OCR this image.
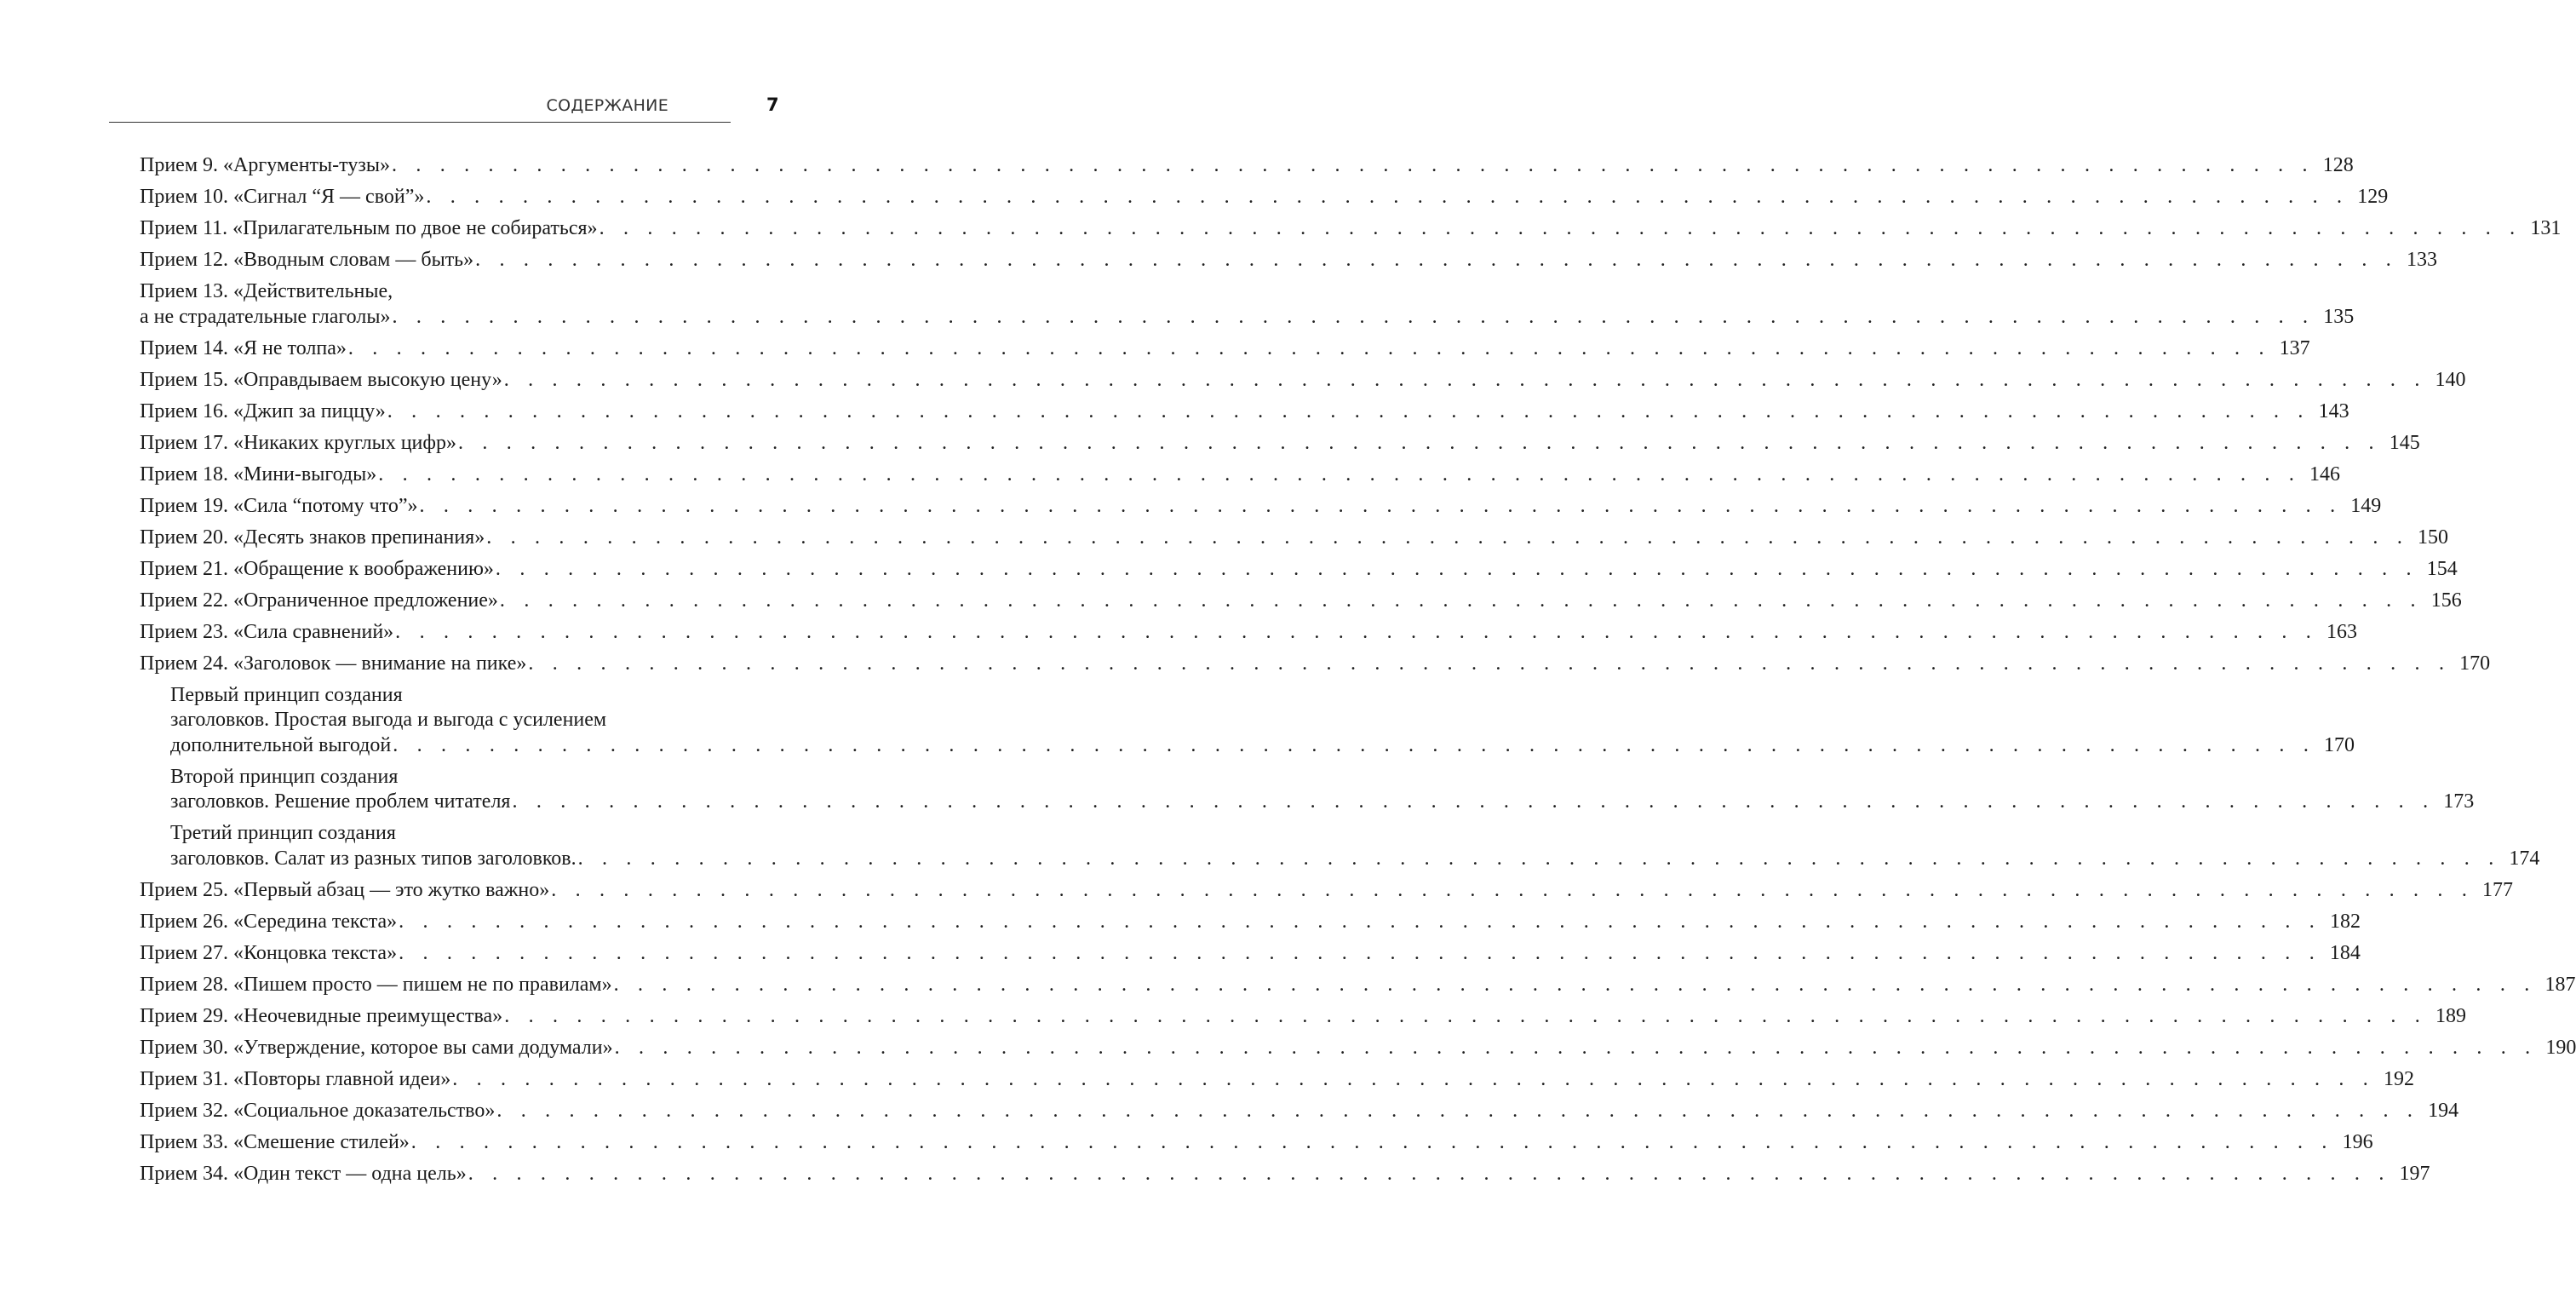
СОДЕРЖАНИЕ	7
Прием 9. «Аргументы-тузы» . . . . . . . . . . . . . . . . . . . . . . . . . . . . . . . . . . . . . . . . . . . . . . . . . . . . . . . . . . . . . . . . . . . . . . . . . . . . . . . . 128
Прием 10. «Сигнал “Я — свой”» . . . . . . . . . . . . . . . . . . . . . . . . . . . . . . . . . . . . . . . . . . . . . . . . . . . . . . . . . . . . . . . . . . . . . . . . . . . . . . . . 129
Прием 11. «Прилагательным по двое не собираться» . . . . . . . . . . . . . . . . . . . . . . . . . . . . . . . . . . . . . . . . . . . . . . . . . . . . . . . . . . . . . . . . . . . . . . . . . . . . . . . . 131
Прием 12. «Вводным словам — быть» . . . . . . . . . . . . . . . . . . . . . . . . . . . . . . . . . . . . . . . . . . . . . . . . . . . . . . . . . . . . . . . . . . . . . . . . . . . . . . . . 133
Прием 13. «Действительные,
а не страдательные глаголы» . . . . . . . . . . . . . . . . . . . . . . . . . . . . . . . . . . . . . . . . . . . . . . . . . . . . . . . . . . . . . . . . . . . . . . . . . . . . . . . . 135
Прием 14. «Я не толпа» . . . . . . . . . . . . . . . . . . . . . . . . . . . . . . . . . . . . . . . . . . . . . . . . . . . . . . . . . . . . . . . . . . . . . . . . . . . . . . . . 137
Прием 15. «Оправдываем высокую цену» . . . . . . . . . . . . . . . . . . . . . . . . . . . . . . . . . . . . . . . . . . . . . . . . . . . . . . . . . . . . . . . . . . . . . . . . . . . . . . . . 140
Прием 16. «Джип за пиццу» . . . . . . . . . . . . . . . . . . . . . . . . . . . . . . . . . . . . . . . . . . . . . . . . . . . . . . . . . . . . . . . . . . . . . . . . . . . . . . . . 143
Прием 17. «Никаких круглых цифр» . . . . . . . . . . . . . . . . . . . . . . . . . . . . . . . . . . . . . . . . . . . . . . . . . . . . . . . . . . . . . . . . . . . . . . . . . . . . . . . . 145
Прием 18. «Мини-выгоды» . . . . . . . . . . . . . . . . . . . . . . . . . . . . . . . . . . . . . . . . . . . . . . . . . . . . . . . . . . . . . . . . . . . . . . . . . . . . . . . . 146
Прием 19. «Сила “потому что”» . . . . . . . . . . . . . . . . . . . . . . . . . . . . . . . . . . . . . . . . . . . . . . . . . . . . . . . . . . . . . . . . . . . . . . . . . . . . . . . . 149
Прием 20. «Десять знаков препинания» . . . . . . . . . . . . . . . . . . . . . . . . . . . . . . . . . . . . . . . . . . . . . . . . . . . . . . . . . . . . . . . . . . . . . . . . . . . . . . . . 150
Прием 21. «Обращение к воображению» . . . . . . . . . . . . . . . . . . . . . . . . . . . . . . . . . . . . . . . . . . . . . . . . . . . . . . . . . . . . . . . . . . . . . . . . . . . . . . . . 154
Прием 22. «Ограниченное предложение» . . . . . . . . . . . . . . . . . . . . . . . . . . . . . . . . . . . . . . . . . . . . . . . . . . . . . . . . . . . . . . . . . . . . . . . . . . . . . . . . 156
Прием 23. «Сила сравнений» . . . . . . . . . . . . . . . . . . . . . . . . . . . . . . . . . . . . . . . . . . . . . . . . . . . . . . . . . . . . . . . . . . . . . . . . . . . . . . . . 163
Прием 24. «Заголовок — внимание на пике» . . . . . . . . . . . . . . . . . . . . . . . . . . . . . . . . . . . . . . . . . . . . . . . . . . . . . . . . . . . . . . . . . . . . . . . . . . . . . . . . 170
Первый принцип создания
заголовков. Простая выгода и выгода с усилением
дополнительной выгодой . . . . . . . . . . . . . . . . . . . . . . . . . . . . . . . . . . . . . . . . . . . . . . . . . . . . . . . . . . . . . . . . . . . . . . . . . . . . . . . . 170
Второй принцип создания
заголовков. Решение проблем читателя . . . . . . . . . . . . . . . . . . . . . . . . . . . . . . . . . . . . . . . . . . . . . . . . . . . . . . . . . . . . . . . . . . . . . . . . . . . . . . . . 173
Третий принцип создания
заголовков. Салат из разных типов заголовков. . . . . . . . . . . . . . . . . . . . . . . . . . . . . . . . . . . . . . . . . . . . . . . . . . . . . . . . . . . . . . . . . . . . . . . . . . . . . . . . . 174
Прием 25. «Первый абзац — это жутко важно» . . . . . . . . . . . . . . . . . . . . . . . . . . . . . . . . . . . . . . . . . . . . . . . . . . . . . . . . . . . . . . . . . . . . . . . . . . . . . . . . 177
Прием 26. «Середина текста» . . . . . . . . . . . . . . . . . . . . . . . . . . . . . . . . . . . . . . . . . . . . . . . . . . . . . . . . . . . . . . . . . . . . . . . . . . . . . . . . 182
Прием 27. «Концовка текста» . . . . . . . . . . . . . . . . . . . . . . . . . . . . . . . . . . . . . . . . . . . . . . . . . . . . . . . . . . . . . . . . . . . . . . . . . . . . . . . . 184
Прием 28. «Пишем просто — пишем не по правилам» . . . . . . . . . . . . . . . . . . . . . . . . . . . . . . . . . . . . . . . . . . . . . . . . . . . . . . . . . . . . . . . . . . . . . . . . . . . . . . . . 187
Прием 29. «Неочевидные преимущества» . . . . . . . . . . . . . . . . . . . . . . . . . . . . . . . . . . . . . . . . . . . . . . . . . . . . . . . . . . . . . . . . . . . . . . . . . . . . . . . . 189
Прием 30. «Утверждение, которое вы сами додумали» . . . . . . . . . . . . . . . . . . . . . . . . . . . . . . . . . . . . . . . . . . . . . . . . . . . . . . . . . . . . . . . . . . . . . . . . . . . . . . . . 190
Прием 31. «Повторы главной идеи» . . . . . . . . . . . . . . . . . . . . . . . . . . . . . . . . . . . . . . . . . . . . . . . . . . . . . . . . . . . . . . . . . . . . . . . . . . . . . . . . 192
Прием 32. «Социальное доказательство» . . . . . . . . . . . . . . . . . . . . . . . . . . . . . . . . . . . . . . . . . . . . . . . . . . . . . . . . . . . . . . . . . . . . . . . . . . . . . . . . 194
Прием 33. «Смешение стилей» . . . . . . . . . . . . . . . . . . . . . . . . . . . . . . . . . . . . . . . . . . . . . . . . . . . . . . . . . . . . . . . . . . . . . . . . . . . . . . . . 196
Прием 34. «Один текст — одна цель» . . . . . . . . . . . . . . . . . . . . . . . . . . . . . . . . . . . . . . . . . . . . . . . . . . . . . . . . . . . . . . . . . . . . . . . . . . . . . . . . 197
